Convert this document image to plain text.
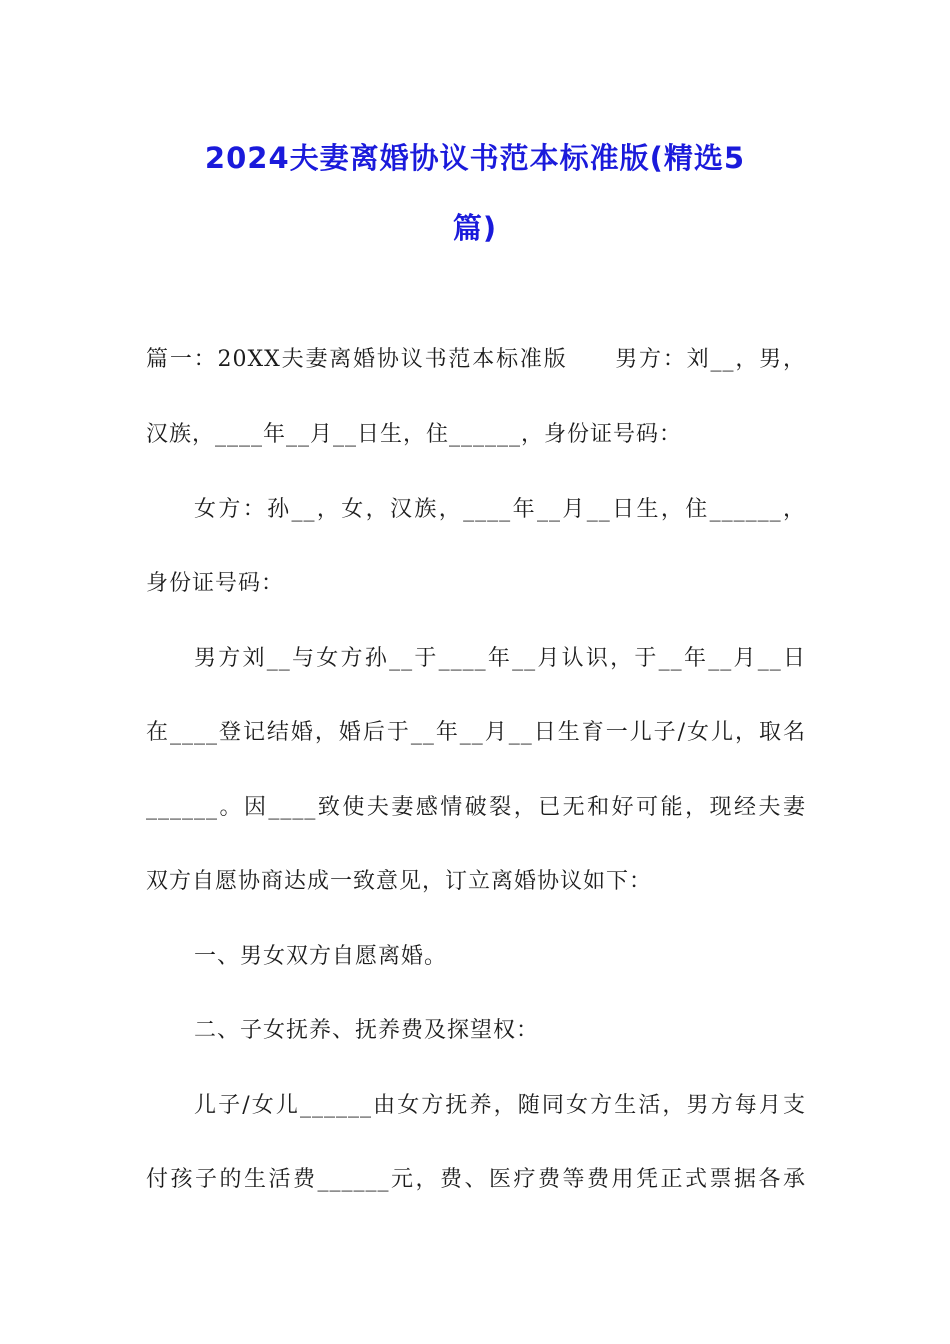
2024夫妻离婚协议书范本标准版(精选5
篇)
篇一：20XX夫妻离婚协议书范本标准版　　男方：刘__，男，
汉族，____年__月__日生，住______，身份证号码：
女方：孙__，女，汉族，____年__月__日生，住______，
身份证号码：
男方刘__与女方孙__于____年__月认识，于__年__月__日
在____登记结婚，婚后于__年__月__日生育一儿子/女儿，取名
______。因____致使夫妻感情破裂，已无和好可能，现经夫妻
双方自愿协商达成一致意见，订立离婚协议如下：
一、男女双方自愿离婚。
二、子女抚养、抚养费及探望权：
儿子/女儿______由女方抚养，随同女方生活，男方每月支
付孩子的生活费______元，费、医疗费等费用凭正式票据各承
